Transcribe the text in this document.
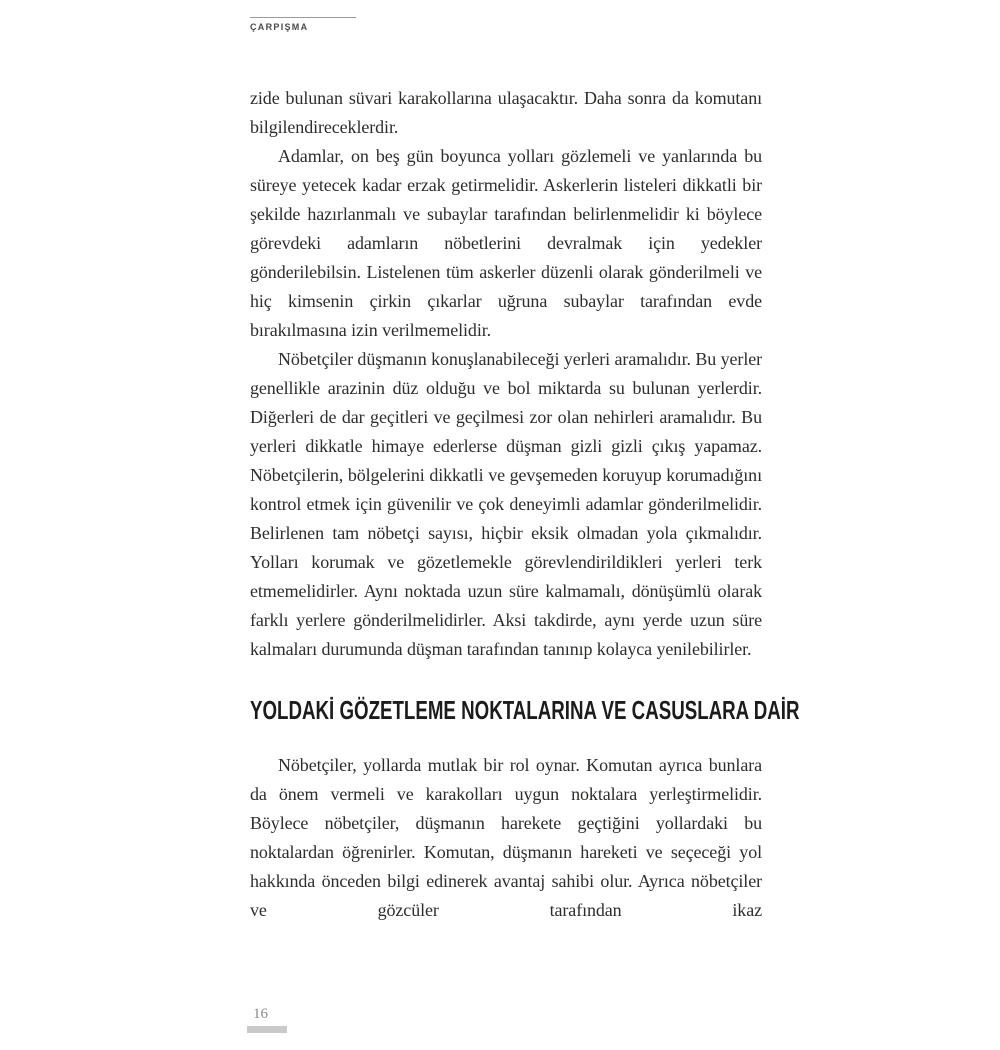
ÇARPIŞMA

zide bulunan süvari karakollarına ulaşacaktır. Daha sonra da komutanı bilgilendireceklerdir.

Adamlar, on beş gün boyunca yolları gözlemeli ve yanlarında bu süreye yetecek kadar erzak getirmelidir. Askerlerin listeleri dikkatli bir şekilde hazırlanmalı ve subaylar tarafından belirlenmelidir ki böylece görevdeki adamların nöbetlerini devralmak için yedekler gönderilebilsin. Listelenen tüm askerler düzenli olarak gönderilmeli ve hiç kimsenin çirkin çıkarlar uğruna subaylar tarafından evde bırakılmasına izin verilmemelidir.

Nöbetçiler düşmanın konuşlanabileceği yerleri aramalıdır. Bu yerler genellikle arazinin düz olduğu ve bol miktarda su bulunan yerlerdir. Diğerleri de dar geçitleri ve geçilmesi zor olan nehirleri aramalıdır. Bu yerleri dikkatle himaye ederlerse düşman gizli gizli çıkış yapamaz. Nöbetçilerin, bölgelerini dikkatli ve gevşemeden koruyup korumadığını kontrol etmek için güvenilir ve çok deneyimli adamlar gönderilmelidir. Belirlenen tam nöbetçi sayısı, hiçbir eksik olmadan yola çıkmalıdır. Yolları korumak ve gözetlemekle görevlendirildikleri yerleri terk etmemelidirler. Aynı noktada uzun süre kalmamalı, dönüşümlü olarak farklı yerlere gönderilmelidirler. Aksi takdirde, aynı yerde uzun süre kalmaları durumunda düşman tarafından tanınıp kolayca yenilebilirler.

YOLDAKİ GÖZETLEME NOKTALARINA VE CASUSLARA DAİR

Nöbetçiler, yollarda mutlak bir rol oynar. Komutan ayrıca bunlara da önem vermeli ve karakolları uygun noktalara yerleştirmelidir. Böylece nöbetçiler, düşmanın harekete geçtiğini yollardaki bu noktalardan öğrenirler. Komutan, düşmanın hareketi ve seçeceği yol hakkında önceden bilgi edinerek avantaj sahibi olur. Ayrıca nöbetçiler ve gözcüler tarafından ikaz

16
